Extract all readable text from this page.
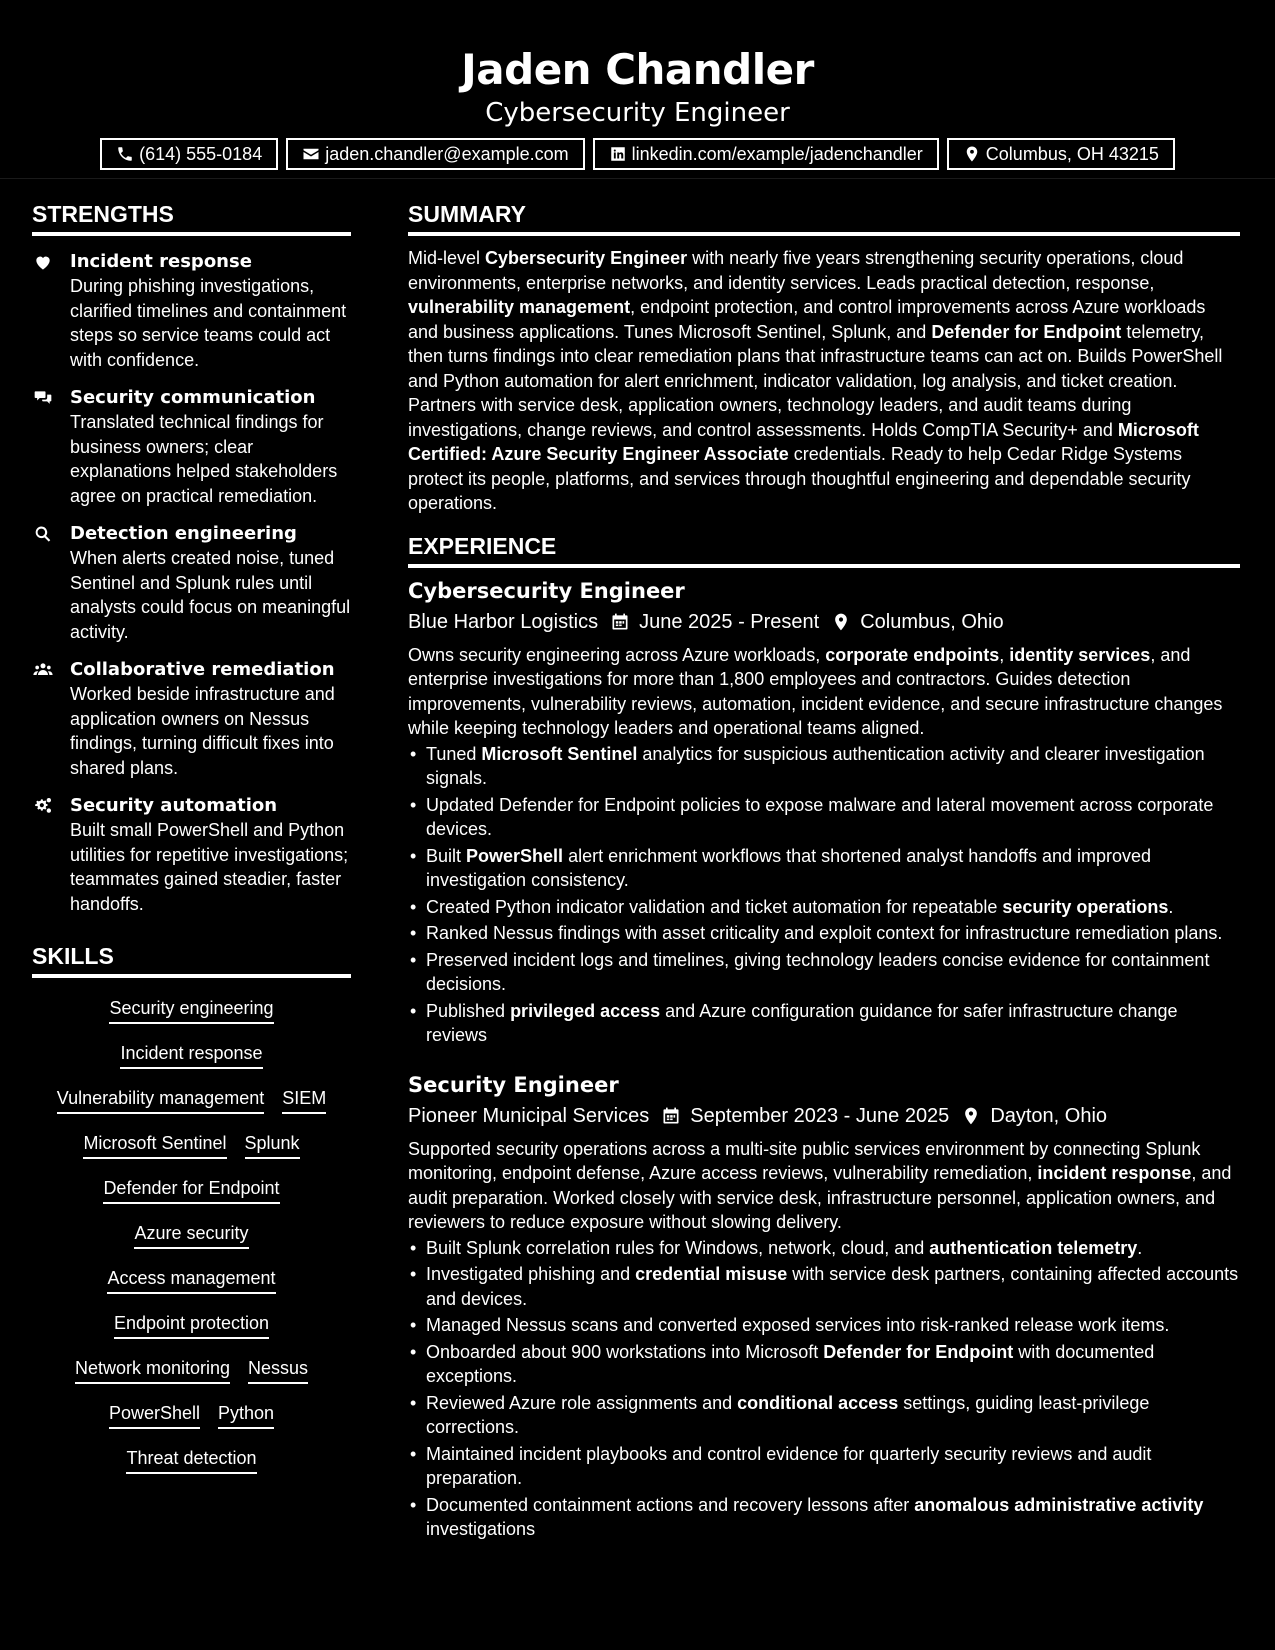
Jaden Chandler
Cybersecurity Engineer
(614) 555-0184	jaden.chandler@example.com	linkedin.com/example/jadenchandler	Columbus, OH 43215
STRENGTHS
Incident response
During phishing investigations, clarified timelines and containment steps so service teams could act with confidence.
Security communication
Translated technical findings for business owners; clear explanations helped stakeholders agree on practical remediation.
Detection engineering
When alerts created noise, tuned Sentinel and Splunk rules until analysts could focus on meaningful activity.
Collaborative remediation
Worked beside infrastructure and application owners on Nessus findings, turning difficult fixes into shared plans.
Security automation
Built small PowerShell and Python utilities for repetitive investigations; teammates gained steadier, faster handoffs.
SKILLS
Security engineering
Incident response
Vulnerability management SIEM
Microsoft Sentinel Splunk
Defender for Endpoint
Azure security
Access management
Endpoint protection
Network monitoring Nessus
PowerShell Python
Threat detection
SUMMARY

Mid-level Cybersecurity Engineer with nearly five years strengthening security operations, cloud environments, enterprise networks, and identity services. Leads practical detection, response, vulnerability management, endpoint protection, and control improvements across Azure workloads and business applications. Tunes Microsoft Sentinel, Splunk, and Defender for Endpoint telemetry, then turns findings into clear remediation plans that infrastructure teams can act on. Builds PowerShell and Python automation for alert enrichment, indicator validation, log analysis, and ticket creation. Partners with service desk, application owners, technology leaders, and audit teams during investigations, change reviews, and control assessments. Holds CompTIA Security+ and Microsoft Certified: Azure Security Engineer Associate credentials. Ready to help Cedar Ridge Systems protect its people, platforms, and services through thoughtful engineering and dependable security operations.

EXPERIENCE
Cybersecurity Engineer
Blue Harbor Logistics June 2025 - Present Columbus, Ohio

Owns security engineering across Azure workloads, corporate endpoints, identity services, and enterprise investigations for more than 1,800 employees and contractors. Guides detection improvements, vulnerability reviews, automation, incident evidence, and secure infrastructure changes while keeping technology leaders and operational teams aligned.

• Tuned Microsoft Sentinel analytics for suspicious authentication activity and clearer investigation signals.
• Updated Defender for Endpoint policies to expose malware and lateral movement across corporate devices.
• Built PowerShell alert enrichment workflows that shortened analyst handoffs and improved investigation consistency.
• Created Python indicator validation and ticket automation for repeatable security operations.
• Ranked Nessus findings with asset criticality and exploit context for infrastructure remediation plans.
• Preserved incident logs and timelines, giving technology leaders concise evidence for containment decisions.
• Published privileged access and Azure configuration guidance for safer infrastructure change reviews
Security Engineer
Pioneer Municipal Services September 2023 - June 2025 Dayton, Ohio

Supported security operations across a multi-site public services environment by connecting Splunk monitoring, endpoint defense, Azure access reviews, vulnerability remediation, incident response, and audit preparation. Worked closely with service desk, infrastructure personnel, application owners, and reviewers to reduce exposure without slowing delivery.

• Built Splunk correlation rules for Windows, network, cloud, and authentication telemetry.
• Investigated phishing and credential misuse with service desk partners, containing affected accounts and devices.
• Managed Nessus scans and converted exposed services into risk-ranked release work items.
• Onboarded about 900 workstations into Microsoft Defender for Endpoint with documented exceptions.
• Reviewed Azure role assignments and conditional access settings, guiding least-privilege corrections.
• Maintained incident playbooks and control evidence for quarterly security reviews and audit preparation.
• Documented containment actions and recovery lessons after anomalous administrative activity investigations
